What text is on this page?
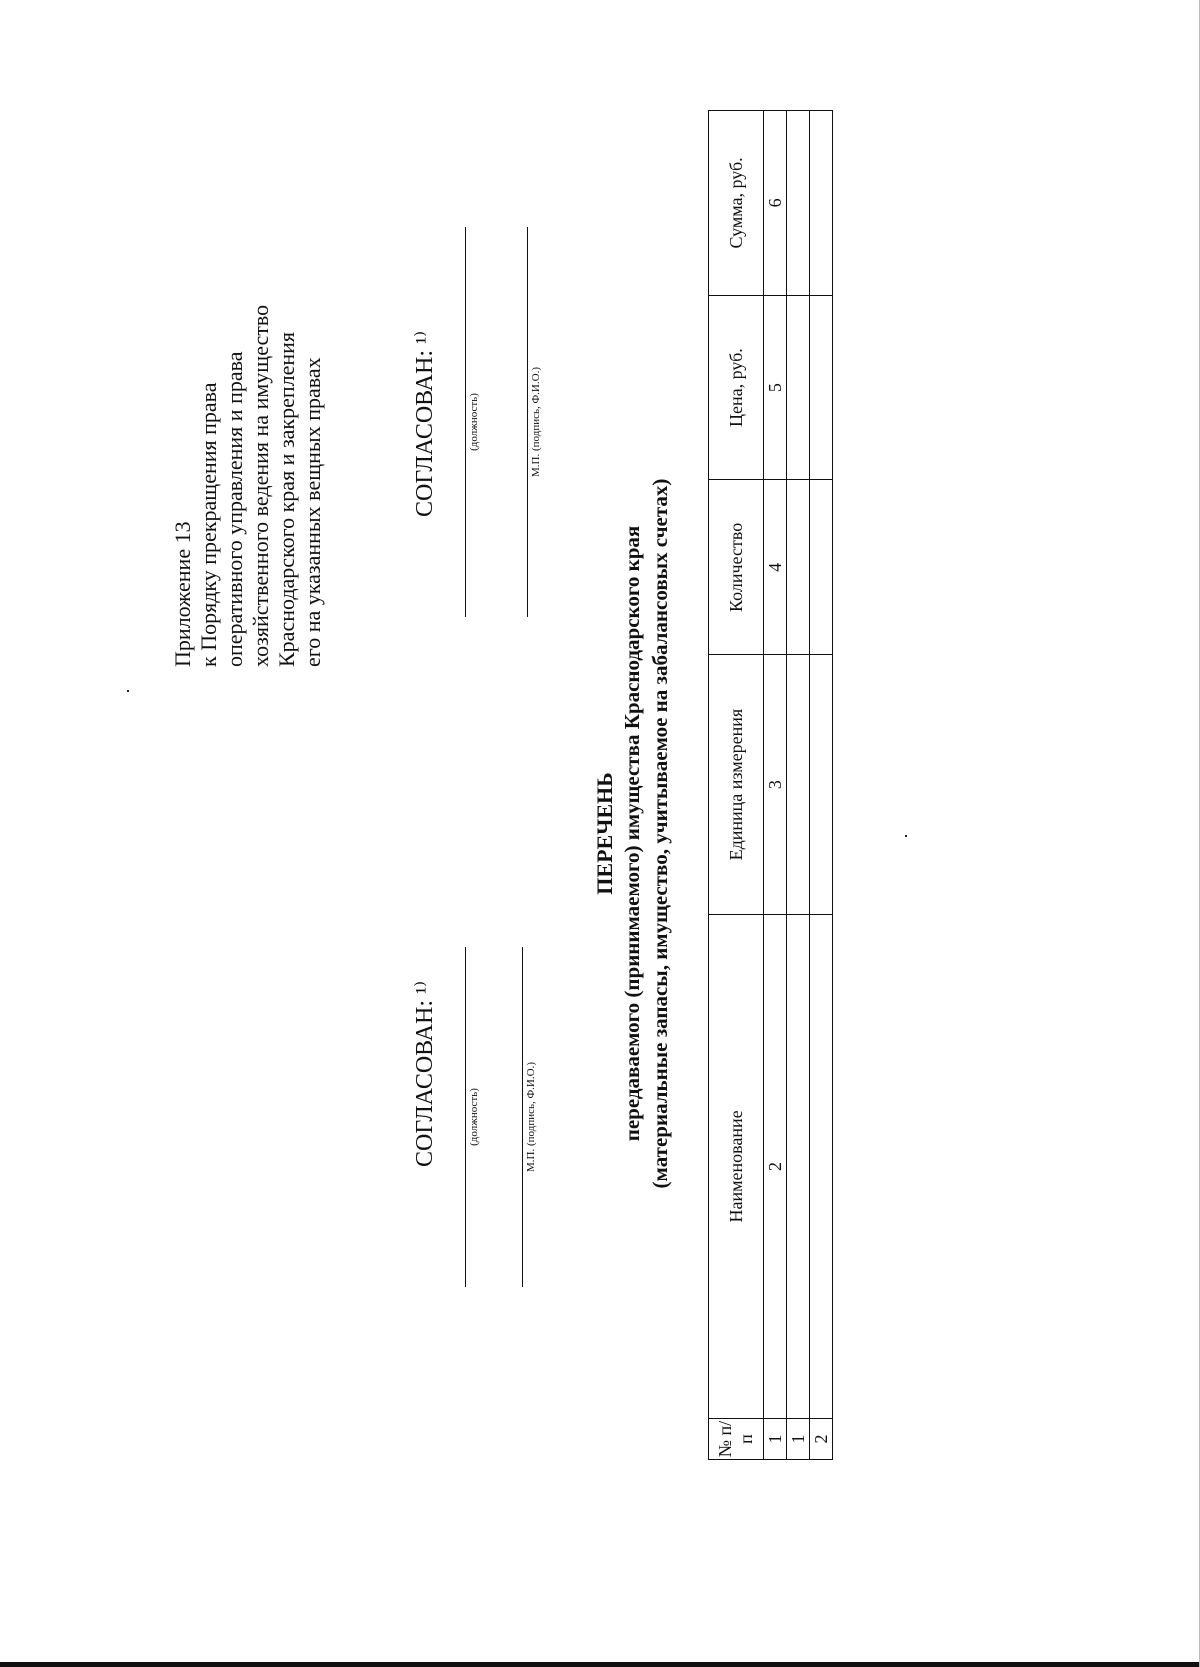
Приложение 13 к Порядку прекращения права оперативного управления и права хозяйственного ведения на имущество Краснодарского края и закрепления его на указанных вещных правах
СОГЛАСОВАН: ¹⁾	(должность)	М.П. (подпись, Ф.И.О.)
СОГЛАСОВАН: ¹⁾	(должность)	М.П. (подпись, Ф.И.О.)
ПЕРЕЧЕНЬ передаваемого (принимаемого) имущества Краснодарского края (материальные запасы, имущество, учитываемое на забалансовых счетах)
№ п/п	Наименование	Единица измерения	Количество	Цена, руб.	Сумма, руб.
1	2	3	4	5	6
1					
2					
